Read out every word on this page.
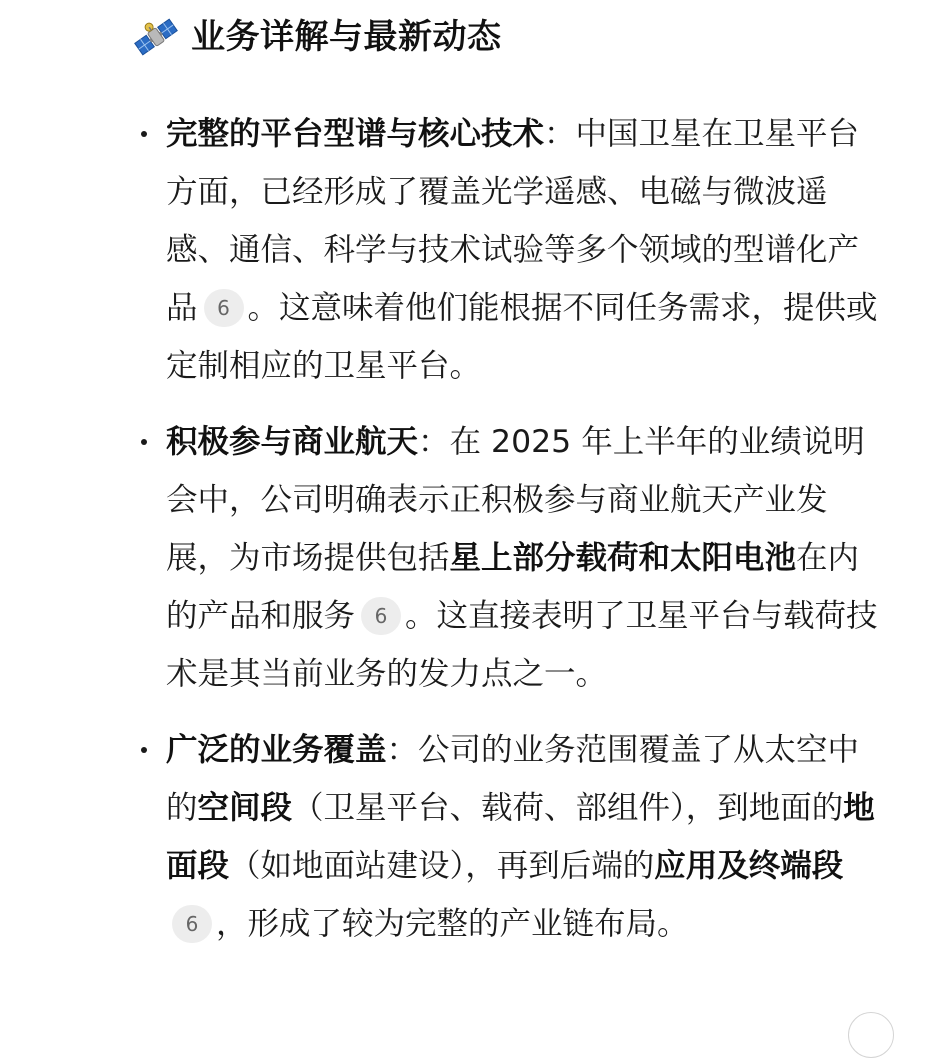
业务详解与最新动态
完整的平台型谱与核心技术：中国卫星在卫星平台方面，已经形成了覆盖光学遥感、电磁与微波遥感、通信、科学与技术试验等多个领域的型谱化产品 6 。这意味着他们能根据不同任务需求，提供或定制相应的卫星平台。
积极参与商业航天：在 2025 年上半年的业绩说明会中，公司明确表示正积极参与商业航天产业发展，为市场提供包括星上部分载荷和太阳电池在内的产品和服务 6 。这直接表明了卫星平台与载荷技术是其当前业务的发力点之一。
广泛的业务覆盖：公司的业务范围覆盖了从太空中的空间段（卫星平台、载荷、部组件），到地面的地面段（如地面站建设），再到后端的应用及终端段6 ，形成了较为完整的产业链布局。
